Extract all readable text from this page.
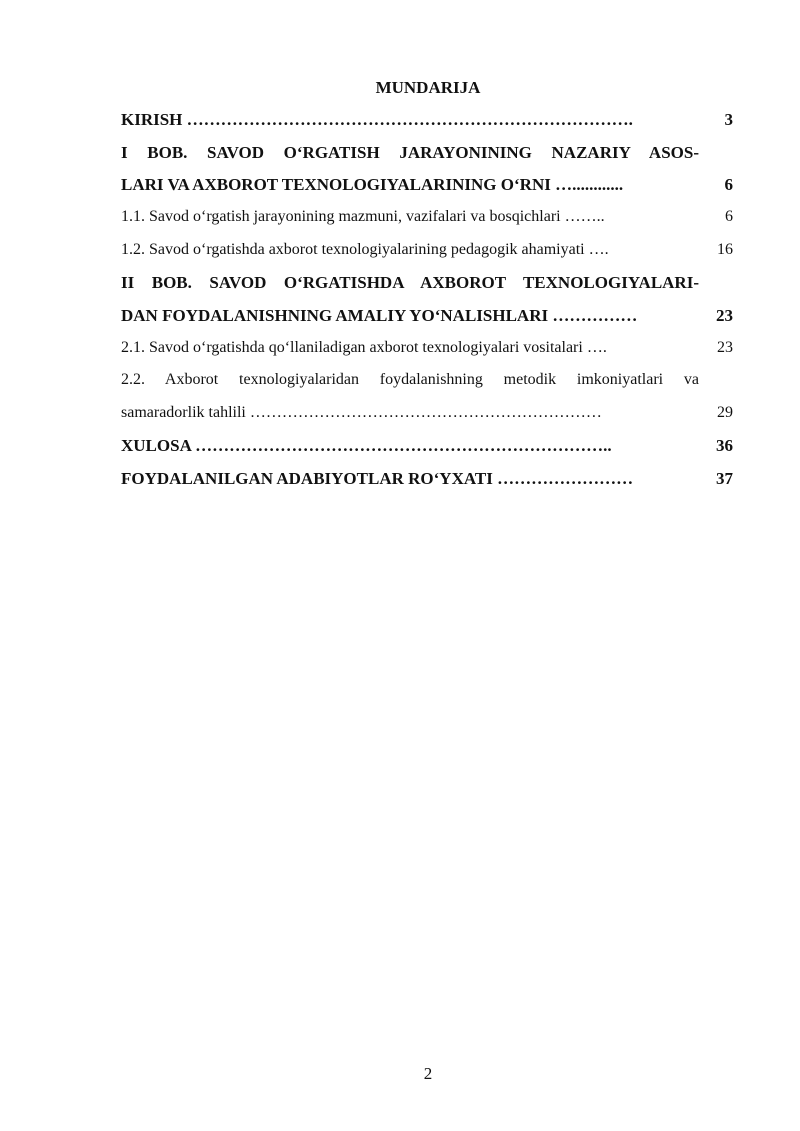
MUNDARIJA
KIRISH …………………………………………………………………….	3
I BOB. SAVOD O‘RGATISH JARAYONINING NAZARIY ASOS-
LARI VA AXBOROT TEXNOLOGIYALARINING O‘RNI …............	6
1.1. Savod o‘rgatish jarayonining mazmuni, vazifalari va bosqichlari ……..	6
1.2. Savod o‘rgatishda axborot texnologiyalarining pedagogik ahamiyati ….	16
II BOB. SAVOD O‘RGATISHDA AXBOROT TEXNOLOGIYALARI-
DAN FOYDALANISHNING AMALIY YO‘NALISHLARI ……………	23
2.1. Savod o‘rgatishda qo‘llaniladigan axborot texnologiyalari vositalari ….	23
2.2. Axborot texnologiyalaridan foydalanishning metodik imkoniyatlari va
samaradorlik tahlili …………………………………………………………	29
XULOSA ………………………………………………………………..	36
FOYDALANILGAN ADABIYOTLAR RO‘YXATI ……………………	37
2
